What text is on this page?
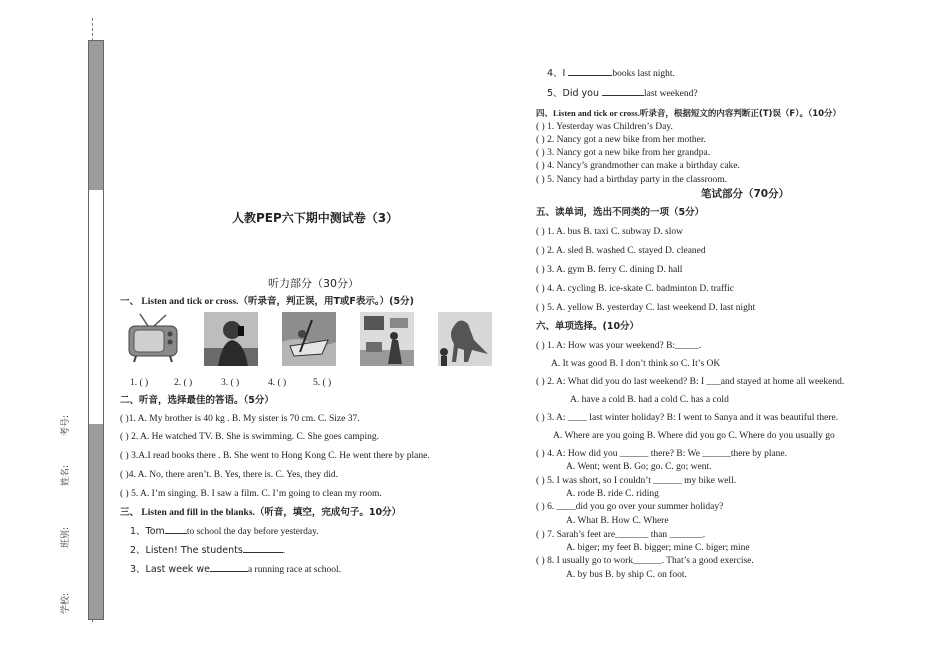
学校:
班别:
姓名:
考号:
人教PEP六下期中测试卷（3）
听力部分（30分）
一、 Listen and tick or cross.（听录音，判正误，用T或F表示。）(5分)
1. ( )	2. ( )	3. ( )	4. ( )	5. ( )
二、听音，选择最佳的答语。（5分）
( )1. A. My brother is 40 kg . B. My sister is 70 cm. C. Size 37.
( ) 2. A. He watched TV. B. She is swimming. C. She goes camping.
( ) 3.A.I read books there . B. She went to Hong Kong C. He went there by plane.
( )4. A. No, there aren’t. B. Yes, there is. C. Yes, they did.
( ) 5. A. I’m singing. B. I saw a film. C. I’m going to clean my room.
三、 Listen and fill in the blanks.（听音，填空，完成句子。10分）
1、Tom to school the day before yesterday.
2、Listen! The students	.
3、Last week we	a running race at school.
4、I	books last night.
5、Did you	last weekend?
四、Listen and tick or cross.听录音，根据短文的内容判断正(T)误（F）。（10分）
( ) 1. Yesterday was Children’s Day.
( ) 2. Nancy got a new bike from her mother.
( ) 3. Nancy got a new bike from her grandpa.
( ) 4. Nancy’s grandmother can make a birthday cake.
( ) 5. Nancy had a birthday party in the classroom.
笔试部分（70分）
五、读单词，选出不同类的一项（5分）
( ) 1. A. bus B. taxi C. subway D. slow
( ) 2. A. sled B. washed C. stayed D. cleaned
( ) 3. A. gym B. ferry C. dining D. hall
( ) 4. A. cycling B. ice-skate C. badminton D. traffic
( ) 5. A. yellow B. yesterday C. last weekend D. last night
六、单项选择。(10分）
( ) 1. A: How was your weekend? B:_____.
A. It was good B. I don’t think so C. It’s OK
( ) 2. A: What did you do last weekend? B: I ___and stayed at home all weekend.
A. have a cold B. had a cold C. has a cold
( ) 3. A: ____ last winter holiday? B: I went to Sanya and it was beautiful there.
A. Where are you going B. Where did you go C. Where do you usually go
( ) 4. A: How did you ______ there? B: We ______there by plane.
A. Went; went B. Go; go. C. go; went.
( ) 5. I was short, so I couldn’t ______ my bike well.
A. rode B. ride C. riding
( ) 6. ____did you go over your summer holiday?
A. What B. How C. Where
( ) 7. Sarah’s feet are_______ than _______.
A. biger; my feet B. bigger; mine C. biger; mine
( ) 8. I usually go to work______. That’s a good exercise.
A. by bus B. by ship C. on foot.
